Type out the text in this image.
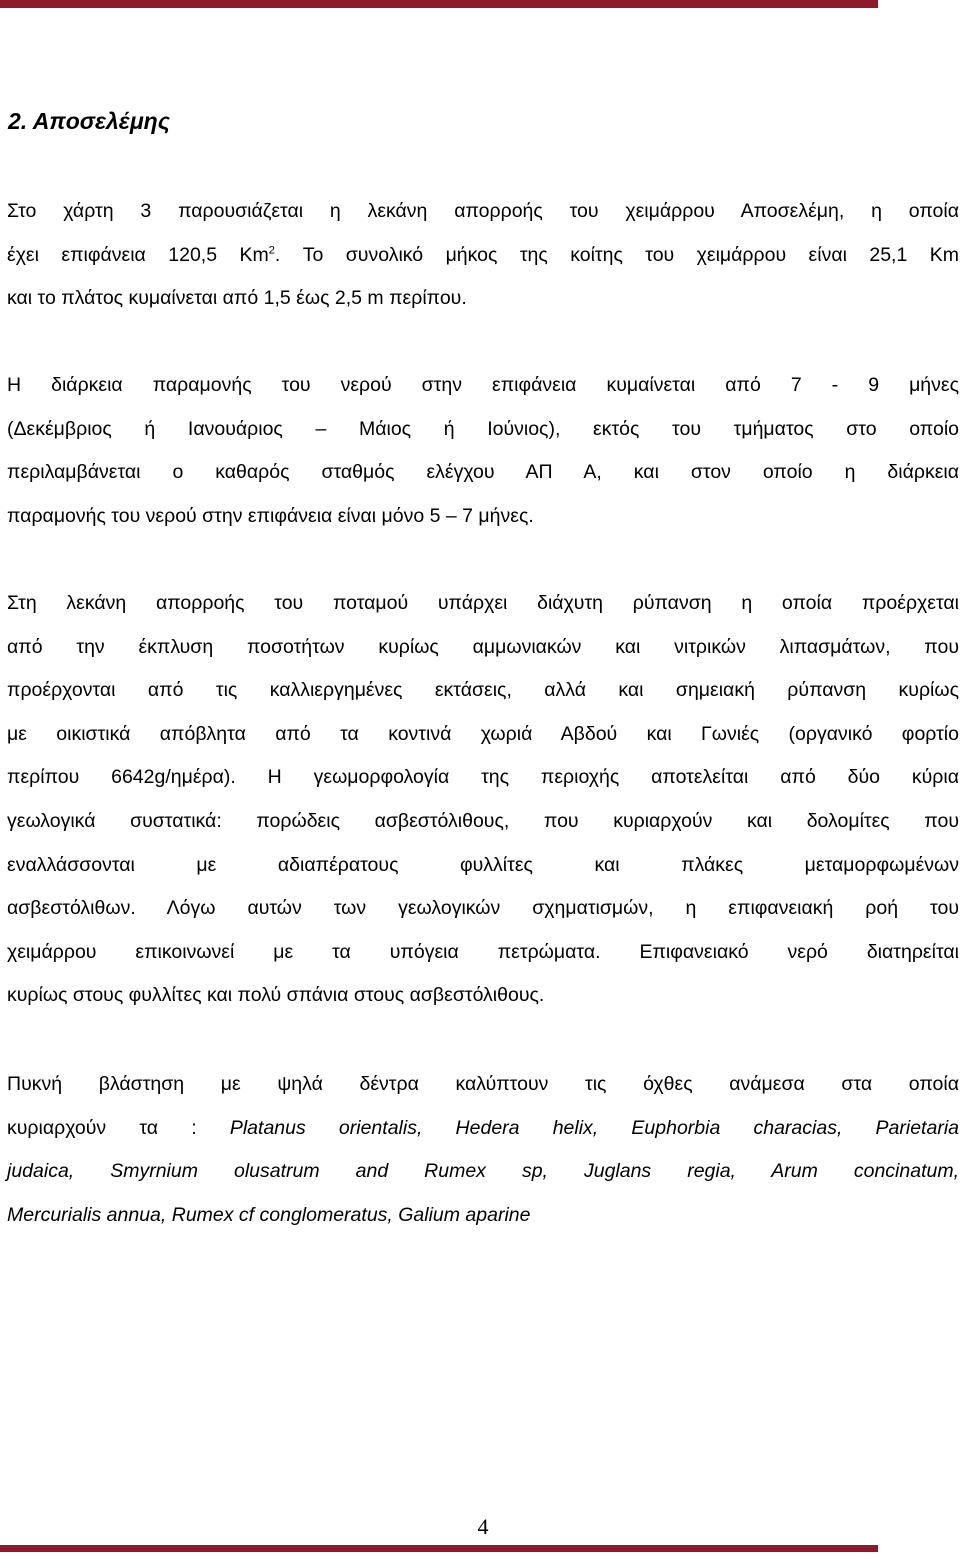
2. Αποσελέμης

Στο χάρτη 3 παρουσιάζεται η λεκάνη απορροής του χειμάρρου Αποσελέμη, η οποία
έχει επιφάνεια 120,5 Km$^2$. Το συνολικό μήκος της κοίτης του χειμάρρου είναι 25,1 Km
και το πλάτος κυμαίνεται από 1,5 έως 2,5 m περίπου.

Η διάρκεια παραμονής του νερού στην επιφάνεια κυμαίνεται από 7 - 9 μήνες
(Δεκέμβριος ή Ιανουάριος – Μάιος ή Ιούνιος), εκτός του τμήματος στο οποίο
περιλαμβάνεται ο καθαρός σταθμός ελέγχου ΑΠ Α, και στον οποίο η διάρκεια
παραμονής του νερού στην επιφάνεια είναι μόνο 5 – 7 μήνες.

Στη λεκάνη απορροής του ποταμού υπάρχει διάχυτη ρύπανση η οποία προέρχεται
από την έκπλυση ποσοτήτων κυρίως αμμωνιακών και νιτρικών λιπασμάτων, που
προέρχονται από τις καλλιεργημένες εκτάσεις, αλλά και σημειακή ρύπανση κυρίως
με οικιστικά απόβλητα από τα κοντινά χωριά Αβδού και Γωνιές (οργανικό φορτίο
περίπου 6642g/ημέρα). Η γεωμορφολογία της περιοχής αποτελείται από δύο κύρια
γεωλογικά συστατικά: πορώδεις ασβεστόλιθους, που κυριαρχούν και δολομίτες που
εναλλάσσονται με αδιαπέρατους φυλλίτες και πλάκες μεταμορφωμένων
ασβεστόλιθων. Λόγω αυτών των γεωλογικών σχηματισμών, η επιφανειακή ροή του
χειμάρρου επικοινωνεί με τα υπόγεια πετρώματα. Επιφανειακό νερό διατηρείται
κυρίως στους φυλλίτες και πολύ σπάνια στους ασβεστόλιθους.

Πυκνή βλάστηση με ψηλά δέντρα καλύπτουν τις όχθες ανάμεσα στα οποία
κυριαρχούν τα : Platanus orientalis, Hedera helix, Euphorbia characias, Parietaria
judaica, Smyrnium olusatrum and Rumex sp, Juglans regia, Arum concinatum,
Mercurialis annua, Rumex cf conglomeratus, Galium aparine

4
